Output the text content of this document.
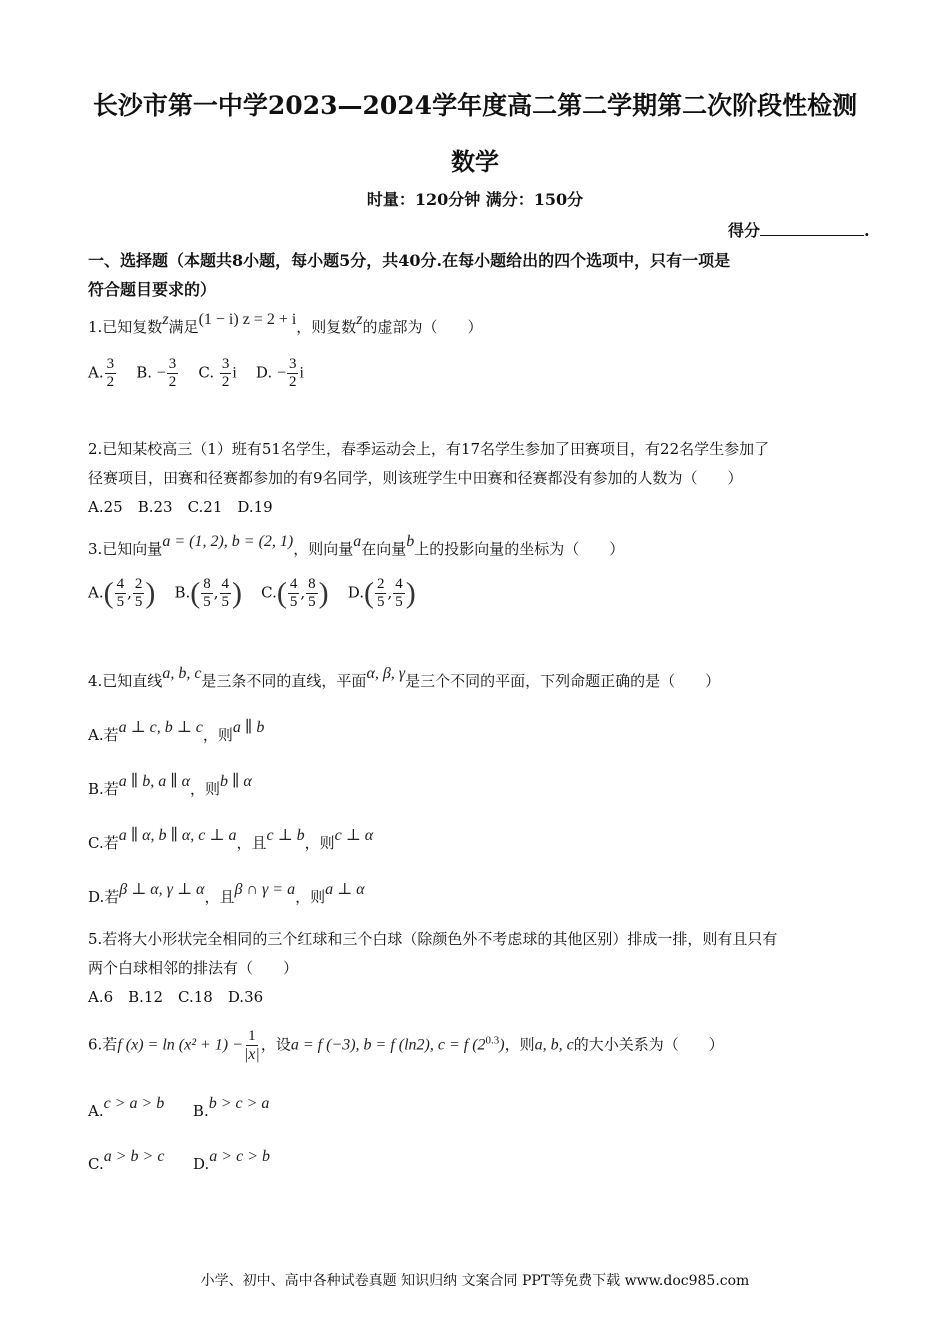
长沙市第一中学2023—2024学年度高二第二学期第二次阶段性检测
数学
时量：120分钟 满分：150分
得分	.
一、选择题（本题共8小题，每小题5分，共40分.在每小题给出的四个选项中，只有一项是
符合题目要求的）
1.已知复数z满足(1 − i) z = 2 + i，则复数z的虚部为（　　）
A. $\frac{3}{2} B$. − $\frac{3}{2} C$. $\frac{3}{2}$ i D. − $\frac{3}{2}$ i
2.已知某校高三（1）班有51名学生，春季运动会上，有17名学生参加了田赛项目，有22名学生参加了
径赛项目，田赛和径赛都参加的有9名同学，则该班学生中田赛和径赛都没有参加的人数为（　　）
A.25　B.23　C.21　D.19
3.已知向量a = (1, 2), b = (2, 1)，则向量a在向量b上的投影向量的坐标为（　　）
$A.( \frac{4}{5}$ , $\frac{2}{5}$ ) $B.( \frac{8}{5}$ , $\frac{4}{5}$ ) $C.( \frac{4}{5}$ , $\frac{8}{5}$ ) $D.( \frac{2}{5}$ , $\frac{4}{5}$ )
4.已知直线a, b, c是三条不同的直线，平面α, β, γ是三个不同的平面，下列命题正确的是（　　）
A.若a ⊥ c, b ⊥ c，则a ∥ b
B.若a ∥ b, a ∥ α，则b ∥ α
C.若a ∥ α, b ∥ α, c ⊥ a，且c ⊥ b，则c ⊥ α
D.若β ⊥ α, γ ⊥ α，且β ∩ γ = a，则a ⊥ α
5.若将大小形状完全相同的三个红球和三个白球（除颜色外不考虑球的其他区别）排成一排，则有且只有
两个白球相邻的排法有（　　）
A.6　B.12　C.18　D.36
6.若f $(x) = \ln (x^2 + 1) - \frac{1}{|x|}$ ，设a = f (−3), b = f (ln2), c = f $(2^{0.3})$，则a, b, c的大小关系为（　　）
A.c > a > b B.b > c > a
C.a > b > c D.a > c > b
小学、初中、高中各种试卷真题 知识归纳 文案合同 PPT等免费下载 www.doc985.com
